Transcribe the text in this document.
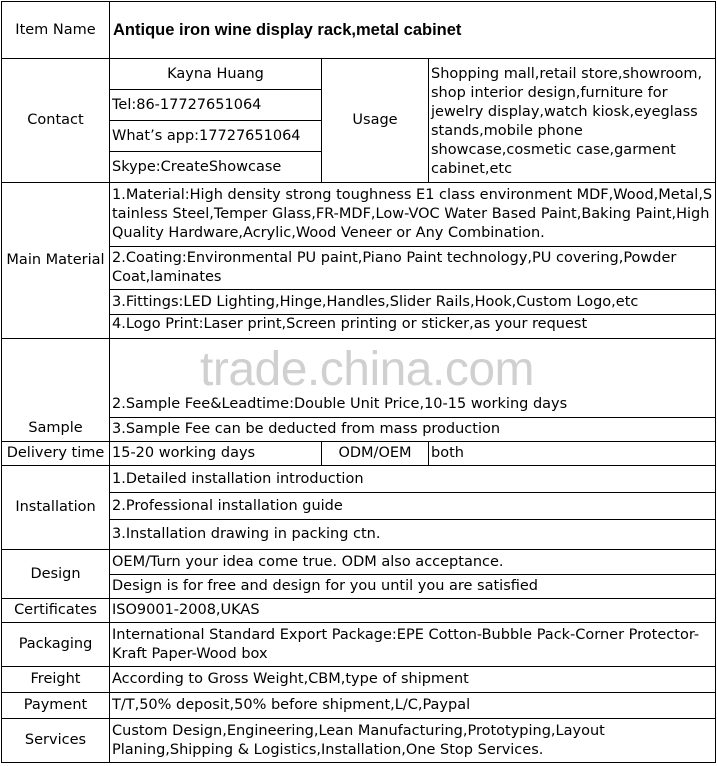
Item Name	Antique iron wine display rack,metal cabinet		
Contact	Kayna Huang	Usage	Shopping mall,retail store,showroom, shop interior design,furniture for jewelry display,watch kiosk,eyeglass stands,mobile phone showcase,cosmetic case,garment cabinet,etc
	Tel:86-17727651064		
	What’s app:17727651064		
	Skype:CreateShowcase		
Main Material	1.Material:High density strong toughness E1 class environment MDF,Wood,Metal,Stainless Steel,Temper Glass,FR-MDF,Low-VOC Water Based Paint,Baking Paint,High Quality Hardware,Acrylic,Wood Veneer or Any Combination.		
	2.Coating:Environmental PU paint,Piano Paint technology,PU covering,Powder Coat,laminates		
	3.Fittings:LED Lighting,Hinge,Handles,Slider Rails,Hook,Custom Logo,etc		
	4.Logo Print:Laser print,Screen printing or sticker,as your request		
Sample	2.Sample Fee&Leadtime:Double Unit Price,10-15 working days		
	3.Sample Fee can be deducted from mass production		
Delivery time	15-20 working days	ODM/OEM	both
Installation	1.Detailed installation introduction		
	2.Professional installation guide		
	3.Installation drawing in packing ctn.		
Design	OEM/Turn your idea come true. ODM also acceptance.		
	Design is for free and design for you until you are satisfied		
Certificates	ISO9001-2008,UKAS		
Packaging	International Standard Export Package:EPE Cotton-Bubble Pack-Corner Protector-Kraft Paper-Wood box		
Freight	According to Gross Weight,CBM,type of shipment		
Payment	T/T,50% deposit,50% before shipment,L/C,Paypal		
Services	Custom Design,Engineering,Lean Manufacturing,Prototyping,Layout Planing,Shipping & Logistics,Installation,One Stop Services.		
trade.china.com
